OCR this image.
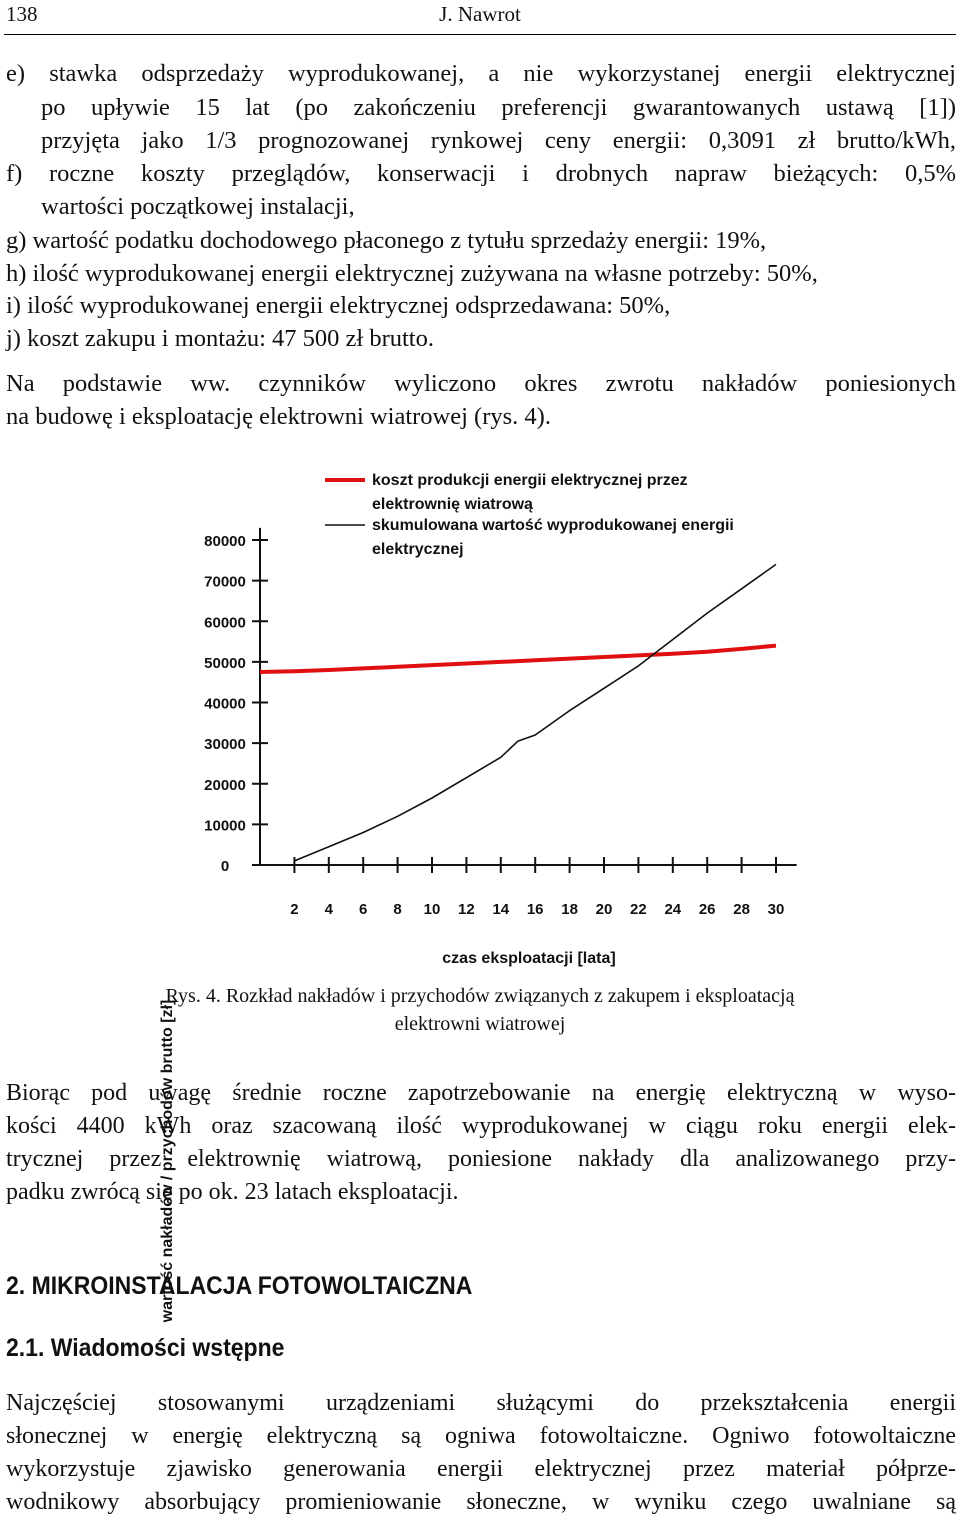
138	J. Nawrot
e) stawka odsprzedaży wyprodukowanej, a nie wykorzystanej energii elektrycznej
po upływie 15 lat (po zakończeniu preferencji gwarantowanych ustawą [1])
przyjęta jako 1/3 prognozowanej rynkowej ceny energii: 0,3091 zł brutto/kWh,
f) roczne koszty przeglądów, konserwacji i drobnych napraw bieżących: 0,5%
wartości początkowej instalacji,
g) wartość podatku dochodowego płaconego z tytułu sprzedaży energii: 19%,
h) ilość wyprodukowanej energii elektrycznej zużywana na własne potrzeby: 50%,
i) ilość wyprodukowanej energii elektrycznej odsprzedawana: 50%,
j) koszt zakupu i montażu: 47 500 zł brutto.
Na podstawie ww. czynników wyliczono okres zwrotu nakładów poniesionych
na budowę i eksploatację elektrowni wiatrowej (rys. 4).
koszt produkcji energii elektrycznej przez
elektrownię wiatrową
skumulowana wartość wyprodukowanej energii
elektrycznej
wartość nakładów / przychodów brutto [zł]
0
10000
20000
30000
40000
50000
60000
70000
80000
2 4 6 8 10 12 14 16 18 20 22 24 26 28 30
czas eksploatacji [lata]
Rys. 4. Rozkład nakładów i przychodów związanych z zakupem i eksploatacją
elektrowni wiatrowej
Biorąc pod uwagę średnie roczne zapotrzebowanie na energię elektryczną w wyso-
kości 4400 kWh oraz szacowaną ilość wyprodukowanej w ciągu roku energii elek-
trycznej przez elektrownię wiatrową, poniesione nakłady dla analizowanego przy-
padku zwrócą się po ok. 23 latach eksploatacji.
2. MIKROINSTALACJA FOTOWOLTAICZNA
2.1. Wiadomości wstępne
Najczęściej stosowanymi urządzeniami służącymi do przekształcenia energii
słonecznej w energię elektryczną są ogniwa fotowoltaiczne. Ogniwo fotowoltaiczne
wykorzystuje zjawisko generowania energii elektrycznej przez materiał półprze-
wodnikowy absorbujący promieniowanie słoneczne, w wyniku czego uwalniane są
